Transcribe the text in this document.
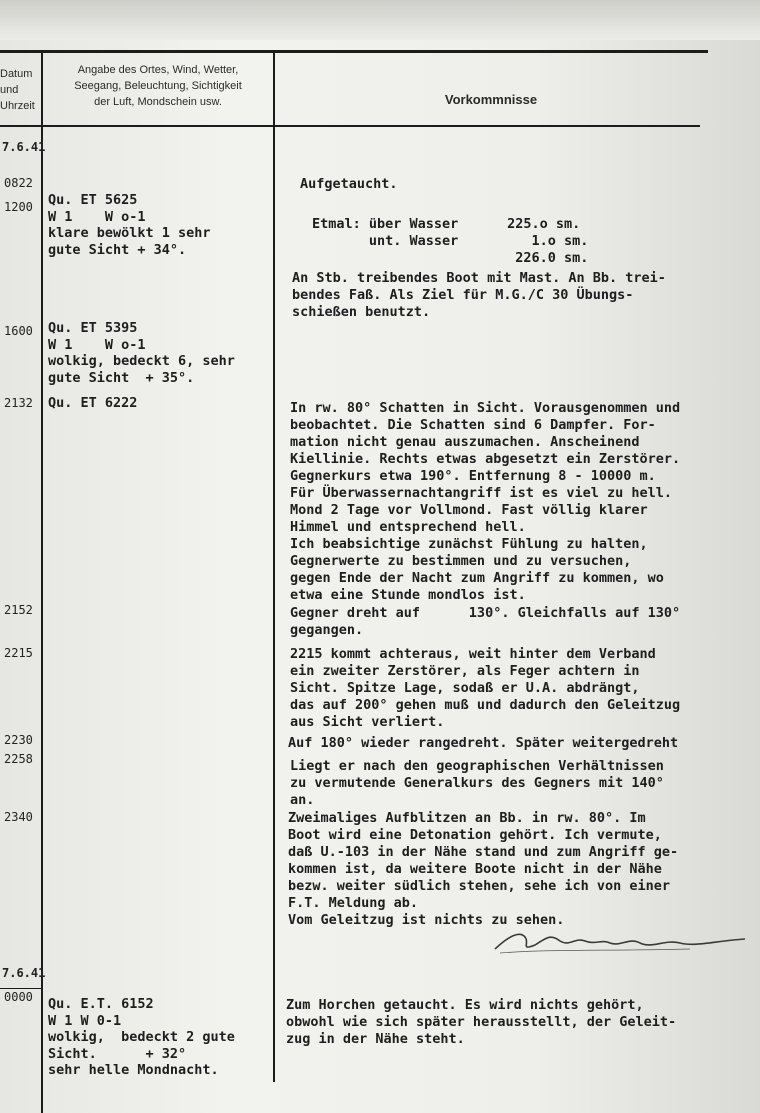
Datum
und
Uhrzeit
Angabe des Ortes, Wind, Wetter,
Seegang, Beleuchtung, Sichtigkeit
der Luft, Mondschein usw.	Vorkommnisse
7.6.41
7.6.41
0822
1200
1600
2132
2152
2215
2230
2258
2340
0000
Qu. ET 5625
W 1    W o-1
klare bewölkt 1 sehr
gute Sicht + 34°.
Qu. ET 5395
W 1    W o-1
wolkig, bedeckt 6, sehr
gute Sicht  + 35°.
Qu. ET 6222
Qu. E.T. 6152
W 1 W 0-1
wolkig,  bedeckt 2 gute
Sicht.      + 32°
sehr helle Mondnacht.
Aufgetaucht.
Etmal: über Wasser      225.o sm.
unt. Wasser         1.o sm.
226.0 sm.
An Stb. treibendes Boot mit Mast. An Bb. trei-
bendes Faß. Als Ziel für M.G./C 30 Übungs-
schießen benutzt.
In rw. 80° Schatten in Sicht. Vorausgenommen und
beobachtet. Die Schatten sind 6 Dampfer. For-
mation nicht genau auszumachen. Anscheinend
Kiellinie. Rechts etwas abgesetzt ein Zerstörer.
Gegnerkurs etwa 190°. Entfernung 8 - 10000 m.
Für Überwassernachtangriff ist es viel zu hell.
Mond 2 Tage vor Vollmond. Fast völlig klarer
Himmel und entsprechend hell.
Ich beabsichtige zunächst Fühlung zu halten,
Gegnerwerte zu bestimmen und zu versuchen,
gegen Ende der Nacht zum Angriff zu kommen, wo
etwa eine Stunde mondlos ist.
Gegner dreht auf      130°. Gleichfalls auf 130°
gegangen.
2215 kommt achteraus, weit hinter dem Verband
ein zweiter Zerstörer, als Feger achtern in
Sicht. Spitze Lage, sodaß er U.A. abdrängt,
das auf 200° gehen muß und dadurch den Geleitzug
aus Sicht verliert.
Auf 180° wieder rangedreht. Später weitergedreht
Liegt er nach den geographischen Verhältnissen
zu vermutende Generalkurs des Gegners mit 140°
an.
Zweimaliges Aufblitzen an Bb. in rw. 80°. Im
Boot wird eine Detonation gehört. Ich vermute,
daß U.-103 in der Nähe stand und zum Angriff ge-
kommen ist, da weitere Boote nicht in der Nähe
bezw. weiter südlich stehen, sehe ich von einer
F.T. Meldung ab.
Vom Geleitzug ist nichts zu sehen.
Zum Horchen getaucht. Es wird nichts gehört,
obwohl wie sich später herausstellt, der Geleit-
zug in der Nähe steht.
